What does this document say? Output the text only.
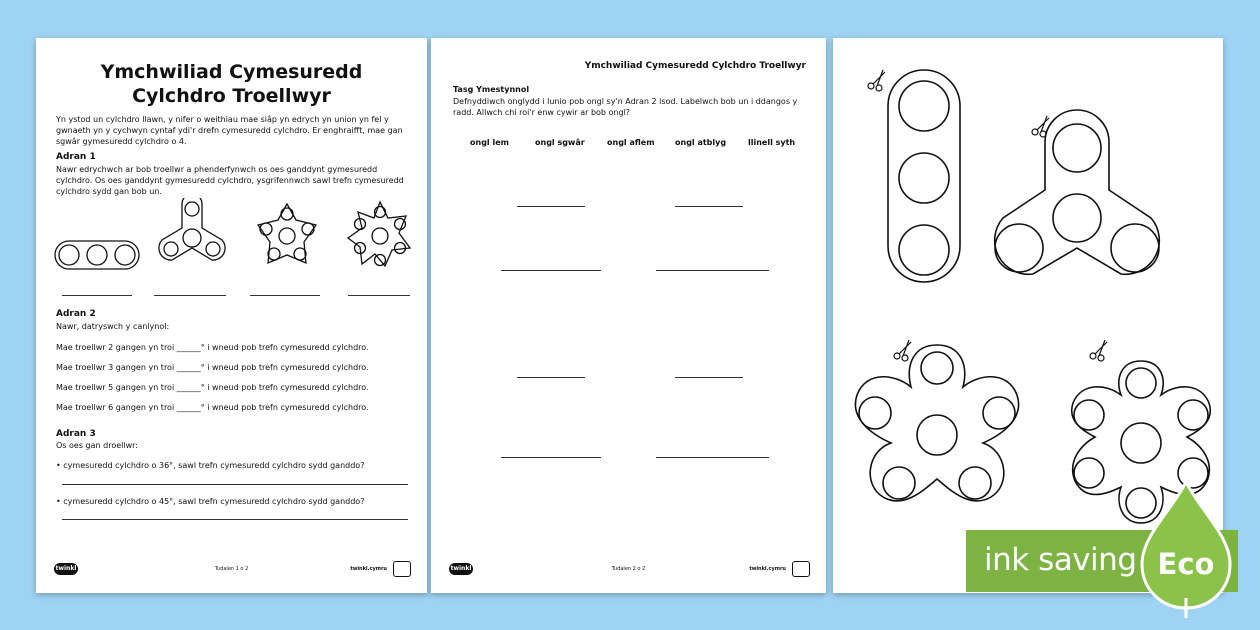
Ymchwiliad Cymesuredd
Cylchdro Troellwyr
Yn ystod un cylchdro llawn, y nifer o weithiau mae siâp yn edrych yn union yn fel y gwnaeth yn y cychwyn cyntaf ydi'r drefn cymesuredd cylchdro. Er enghraifft, mae gan sgwâr gymesuredd cylchdro o 4.
Adran 1
Nawr edrychwch ar bob troellwr a phenderfynwch os oes ganddynt gymesuredd cylchdro. Os oes ganddynt gymesuredd cylchdro, ysgrifennwch sawl trefn cymesuredd cylchdro sydd gan bob un.
Adran 2
Nawr, datryswch y canlynol:
Mae troellwr 2 gangen yn troi ______° i wneud pob trefn cymesuredd cylchdro.
Mae troellwr 3 gangen yn troi ______° i wneud pob trefn cymesuredd cylchdro.
Mae troellwr 5 gangen yn troi ______° i wneud pob trefn cymesuredd cylchdro.
Mae troellwr 6 gangen yn troi ______° i wneud pob trefn cymesuredd cylchdro.
Adran 3
Os oes gan droellwr:
• cymesuredd cylchdro o 36°, sawl trefn cymesuredd cylchdro sydd ganddo?
• cymesuredd cylchdro o 45°, sawl trefn cymesuredd cylchdro sydd ganddo?
twinkl	Tudalen 1 o 2	twinkl.cymru
Ymchwiliad Cymesuredd Cylchdro Troellwyr
Tasg Ymestynnol
Defnyddiwch onglydd i lunio pob ongl sy'n Adran 2 isod. Labelwch bob un i ddangos y radd. Allwch chi roi'r enw cywir ar bob ongl?
ongl lem	ongl sgwâr	ongl aflem	ongl atblyg	llinell syth
twinkl	Tudalen 2 o 2	twinkl.cymru	ink saving Eco
